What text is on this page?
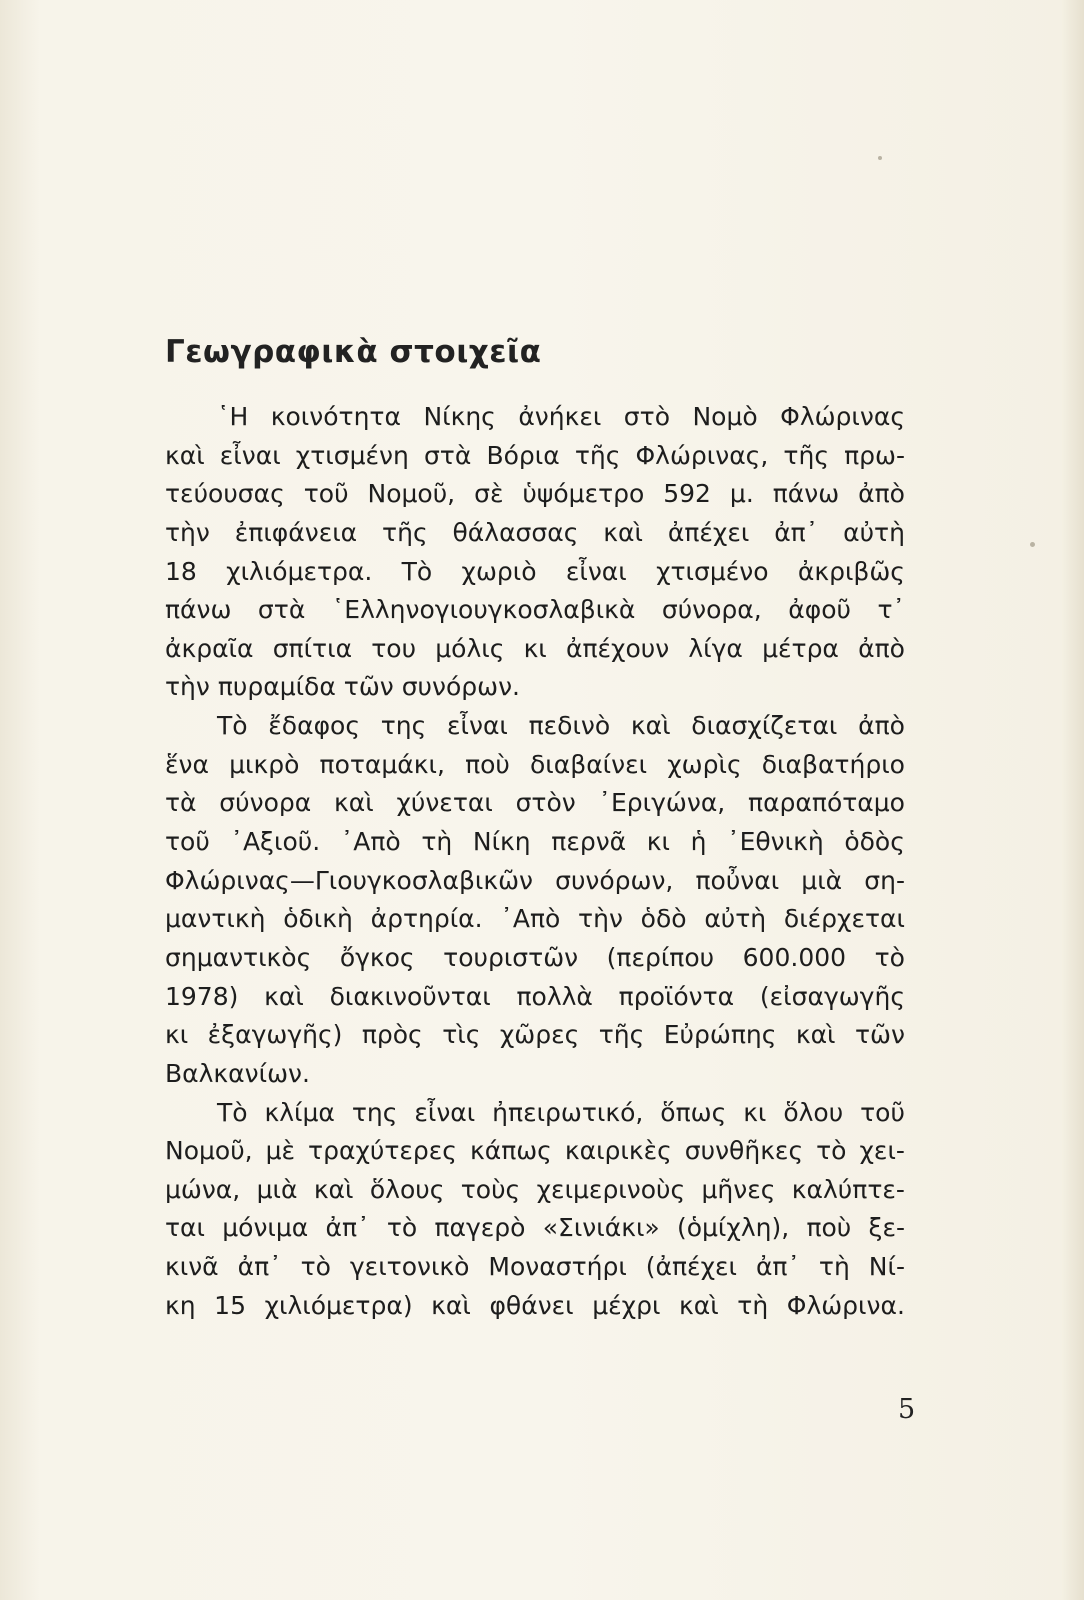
Γεωγραφικὰ στοιχεῖα
῾Η κοινότητα Νίκης ἀνήκει στὸ Νομὸ Φλώρινας
καὶ εἶναι χτισμένη στὰ Βόρια τῆς Φλώρινας, τῆς πρω-
τεύουσας τοῦ Νομοῦ, σὲ ὑψόμετρο 592 μ. πάνω ἀπὸ
τὴν ἐπιφάνεια τῆς θάλασσας καὶ ἀπέχει ἀπ᾽ αὐτὴ
18 χιλιόμετρα. Τὸ χωριὸ εἶναι χτισμένο ἀκριβῶς
πάνω στὰ ῾Ελληνογιουγκοσλαβικὰ σύνορα, ἀφοῦ τ᾽
ἀκραῖα σπίτια του μόλις κι ἀπέχουν λίγα μέτρα ἀπὸ
τὴν
πυραμίδα
τῶν
συνόρων.
Τὸ ἔδαφος της εἶναι πεδινὸ καὶ διασχίζεται ἀπὸ
ἕνα μικρὸ ποταμάκι, ποὺ διαβαίνει χωρὶς διαβατήριο
τὰ σύνορα καὶ χύνεται στὸν ᾽Εριγώνα, παραπόταμο
τοῦ ᾽Αξιοῦ. ᾽Απὸ τὴ Νίκη περνᾶ κι ἡ ᾽Εθνικὴ ὁδὸς
Φλώρινας—Γιουγκοσλαβικῶν συνόρων, ποὖναι μιὰ ση-
μαντικὴ ὁδικὴ ἀρτηρία. ᾽Απὸ τὴν ὁδὸ αὐτὴ διέρχεται
σημαντικὸς ὄγκος τουριστῶν (περίπου 600.000 τὸ
1978) καὶ διακινοῦνται πολλὰ προϊόντα (εἰσαγωγῆς
κι ἐξαγωγῆς) πρὸς τὶς χῶρες τῆς Εὐρώπης καὶ τῶν
Βαλκανίων.
Τὸ κλίμα της εἶναι ἠπειρωτικό, ὅπως κι ὅλου τοῦ
Νομοῦ, μὲ τραχύτερες κάπως καιρικὲς συνθῆκες τὸ χει-
μώνα, μιὰ καὶ ὅλους τοὺς χειμερινοὺς μῆνες καλύπτε-
ται μόνιμα ἀπ᾽ τὸ παγερὸ «Σινιάκι» (ὁμίχλη), ποὺ ξε-
κινᾶ ἀπ᾽ τὸ γειτονικὸ Μοναστήρι (ἀπέχει ἀπ᾽ τὴ Νί-
κη 15 χιλιόμετρα) καὶ φθάνει μέχρι καὶ τὴ Φλώρινα.
5
